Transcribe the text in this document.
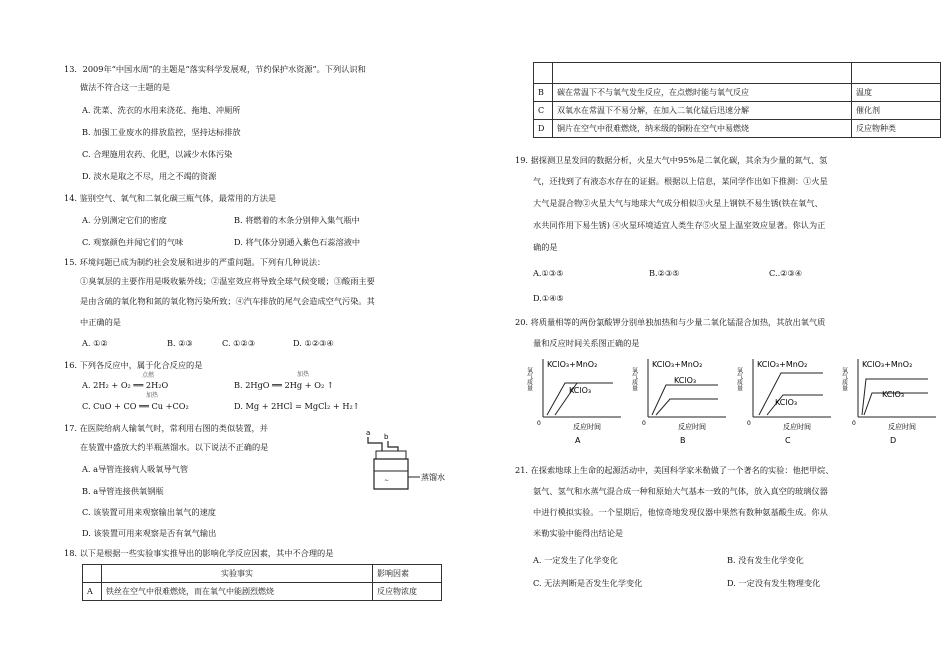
13．2009年“中国水周”的主题是“落实科学发展观，节约保护水资源”。下列认识和
做法不符合这一主题的是
A. 洗菜、洗衣的水用来浇花、拖地、冲厕所
B. 加强工业废水的排放监控，坚持达标排放
C. 合理施用农药、化肥，以减少水体污染
D. 淡水是取之不尽，用之不竭的资源
14. 鉴别空气、氧气和二氧化碳三瓶气体，最常用的方法是
A. 分别测定它们的密度	B. 将燃着的木条分别伸入集气瓶中
C. 观察颜色并闻它们的气味	D. 将气体分别通入紫色石蕊溶液中
15. 环境问题已成为制约社会发展和进步的严重问题。下列有几种说法：
①臭氧层的主要作用是吸收紫外线；②温室效应将导致全球气候变暖；③酸雨主要
是由含硫的氧化物和氮的氧化物污染所致；④汽车排放的尾气会造成空气污染。其
中正确的是
A. ①②	B. ②③	C. ①②③	D. ①②③④
16. 下列各反应中，属于化合反应的是
点燃
A. 2H₂ + O₂ ══ 2H₂O
加热
B. 2HgO ══ 2Hg + O₂ ↑
加热
C. CuO + CO ══ Cu +CO₂	D. Mg + 2HCl = MgCl₂ + H₂↑
17. 在医院给病人输氧气时，常利用右图的类似装置，并
在装置中盛放大约半瓶蒸馏水。以下说法不正确的是
A. a导管连接病人吸氧导气管
B. a导管连接供氧钢瓶
C. 该装置可用来观察输出氧气的速度
D. 该装置可用来观察是否有氧气输出
a b
蒸馏水
∼
18. 以下是根据一些实验事实推导出的影响化学反应因素，其中不合理的是
	实验事实	影响因素
A	铁丝在空气中很难燃烧，而在氧气中能剧烈燃烧	反应物浓度

B	碳在常温下不与氧气发生反应，在点燃时能与氧气反应	温度
C	双氧水在常温下不易分解，在加入二氧化锰后迅速分解	催化剂
D	铜片在空气中很难燃烧，纳米级的铜粉在空气中易燃烧	反应物种类
19. 据探测卫星发回的数据分析，火星大气中95%是二氧化碳，其余为少量的氮气、氢
气，还找到了有液态水存在的证据。根据以上信息，某同学作出如下推测：①火星
大气是混合物②火星大气与地球大气成分相似③火星上钢铁不易生锈(铁在氧气、
水共同作用下易生锈) ④火星环境适宜人类生存⑤火星上温室效应显著。你认为正
确的是
A.①③⑤	B.②③⑤	C..②③④
D.①④⑤
20. 将质量相等的两份氯酸钾分别单独加热和与少量二氧化锰混合加热，其放出氧气质
量和反应时间关系图正确的是
氧气质量
反应时间
0
KClO₃+MnO₂
KClO₃
A
氧气质量
反应时间
0
KClO₃+MnO₂
KClO₃
B
氧气质量
反应时间
0
KClO₃+MnO₂
KClO₃
C
氧气质量
反应时间
0
KClO₃+MnO₂
KClO₃
D
21. 在探索地球上生命的起源活动中，美国科学家米勒做了一个著名的实验：他把甲烷、
氨气、氢气和水蒸气混合成一种和原始大气基本一致的气体，放入真空的玻璃仪器
中进行模拟实验。一个星期后，他惊奇地发现仪器中果然有数种氨基酸生成。你从
米勒实验中能得出结论是
A. 一定发生了化学变化	B. 没有发生化学变化
C. 无法判断是否发生化学变化	D. 一定没有发生物理变化
